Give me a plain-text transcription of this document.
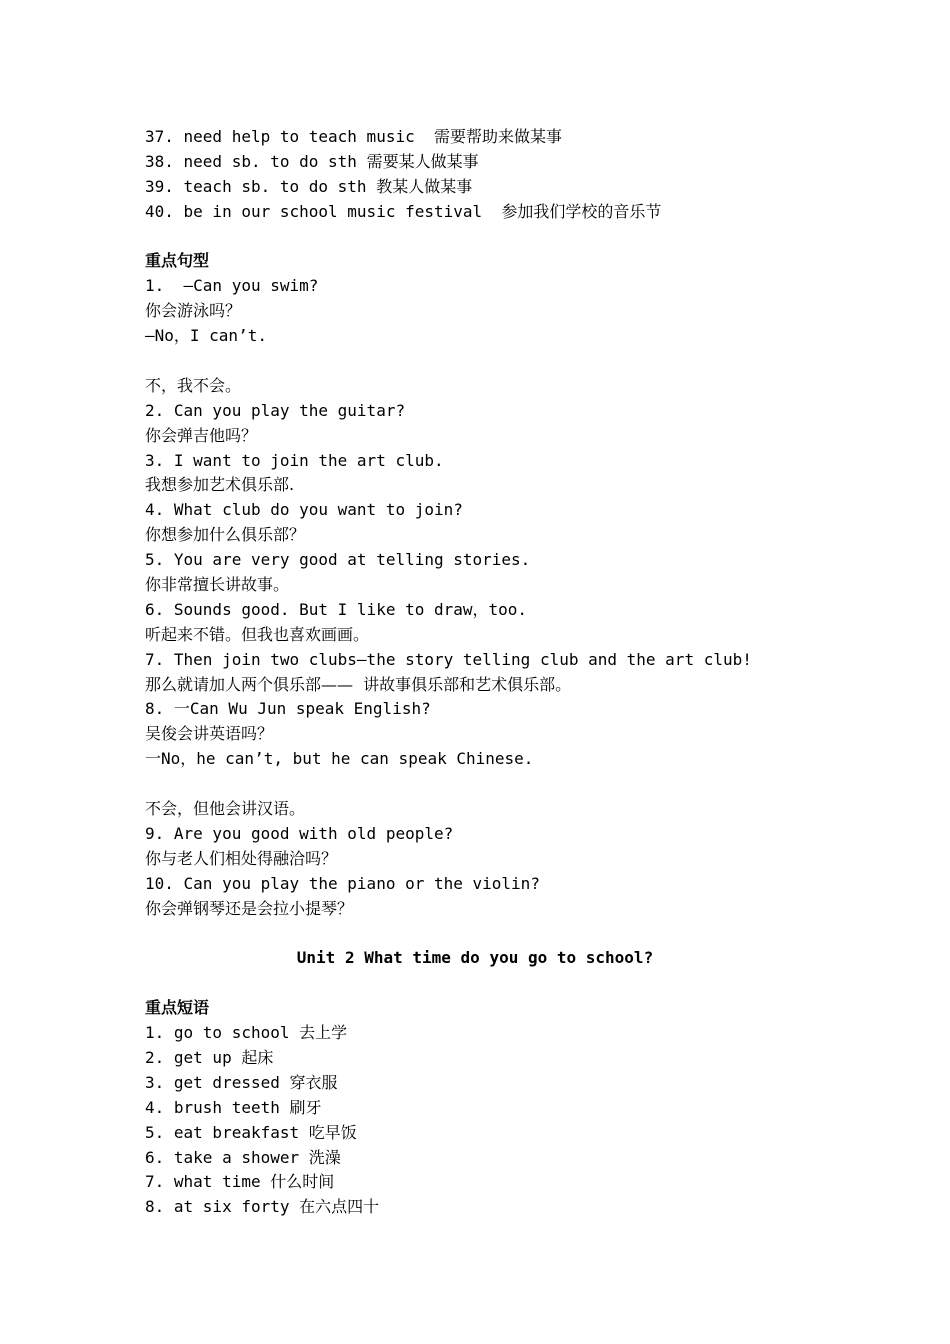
37. need help to teach music  需要帮助来做某事
38. need sb. to do sth 需要某人做某事
39. teach sb. to do sth 教某人做某事
40. be in our school music festival  参加我们学校的音乐节
重点句型
1.  —Can you swim?
你会游泳吗？
—No，I can’t.
不，我不会。
2. Can you play the guitar?
你会弹吉他吗？
3. I want to join the art club.
我想参加艺术俱乐部.
4. What club do you want to join?
你想参加什么俱乐部？
5. You are very good at telling stories.
你非常擅长讲故事。
6. Sounds good. But I like to draw，too.
听起来不错。但我也喜欢画画。
7. Then join two clubs—the story telling club and the art club!
那么就请加人两个俱乐部——  讲故事俱乐部和艺术俱乐部。
8. 一Can Wu Jun speak English?
吴俊会讲英语吗？
一No，he can’t, but he can speak Chinese.
不会，但他会讲汉语。
9. Are you good with old people?
你与老人们相处得融洽吗？
10. Can you play the piano or the violin?
你会弹钢琴还是会拉小提琴？
Unit 2 What time do you go to school?
重点短语
1. go to school 去上学
2. get up 起床
3. get dressed 穿衣服
4. brush teeth 刷牙
5. eat breakfast 吃早饭
6. take a shower 洗澡
7. what time 什么时间
8. at six forty 在六点四十
